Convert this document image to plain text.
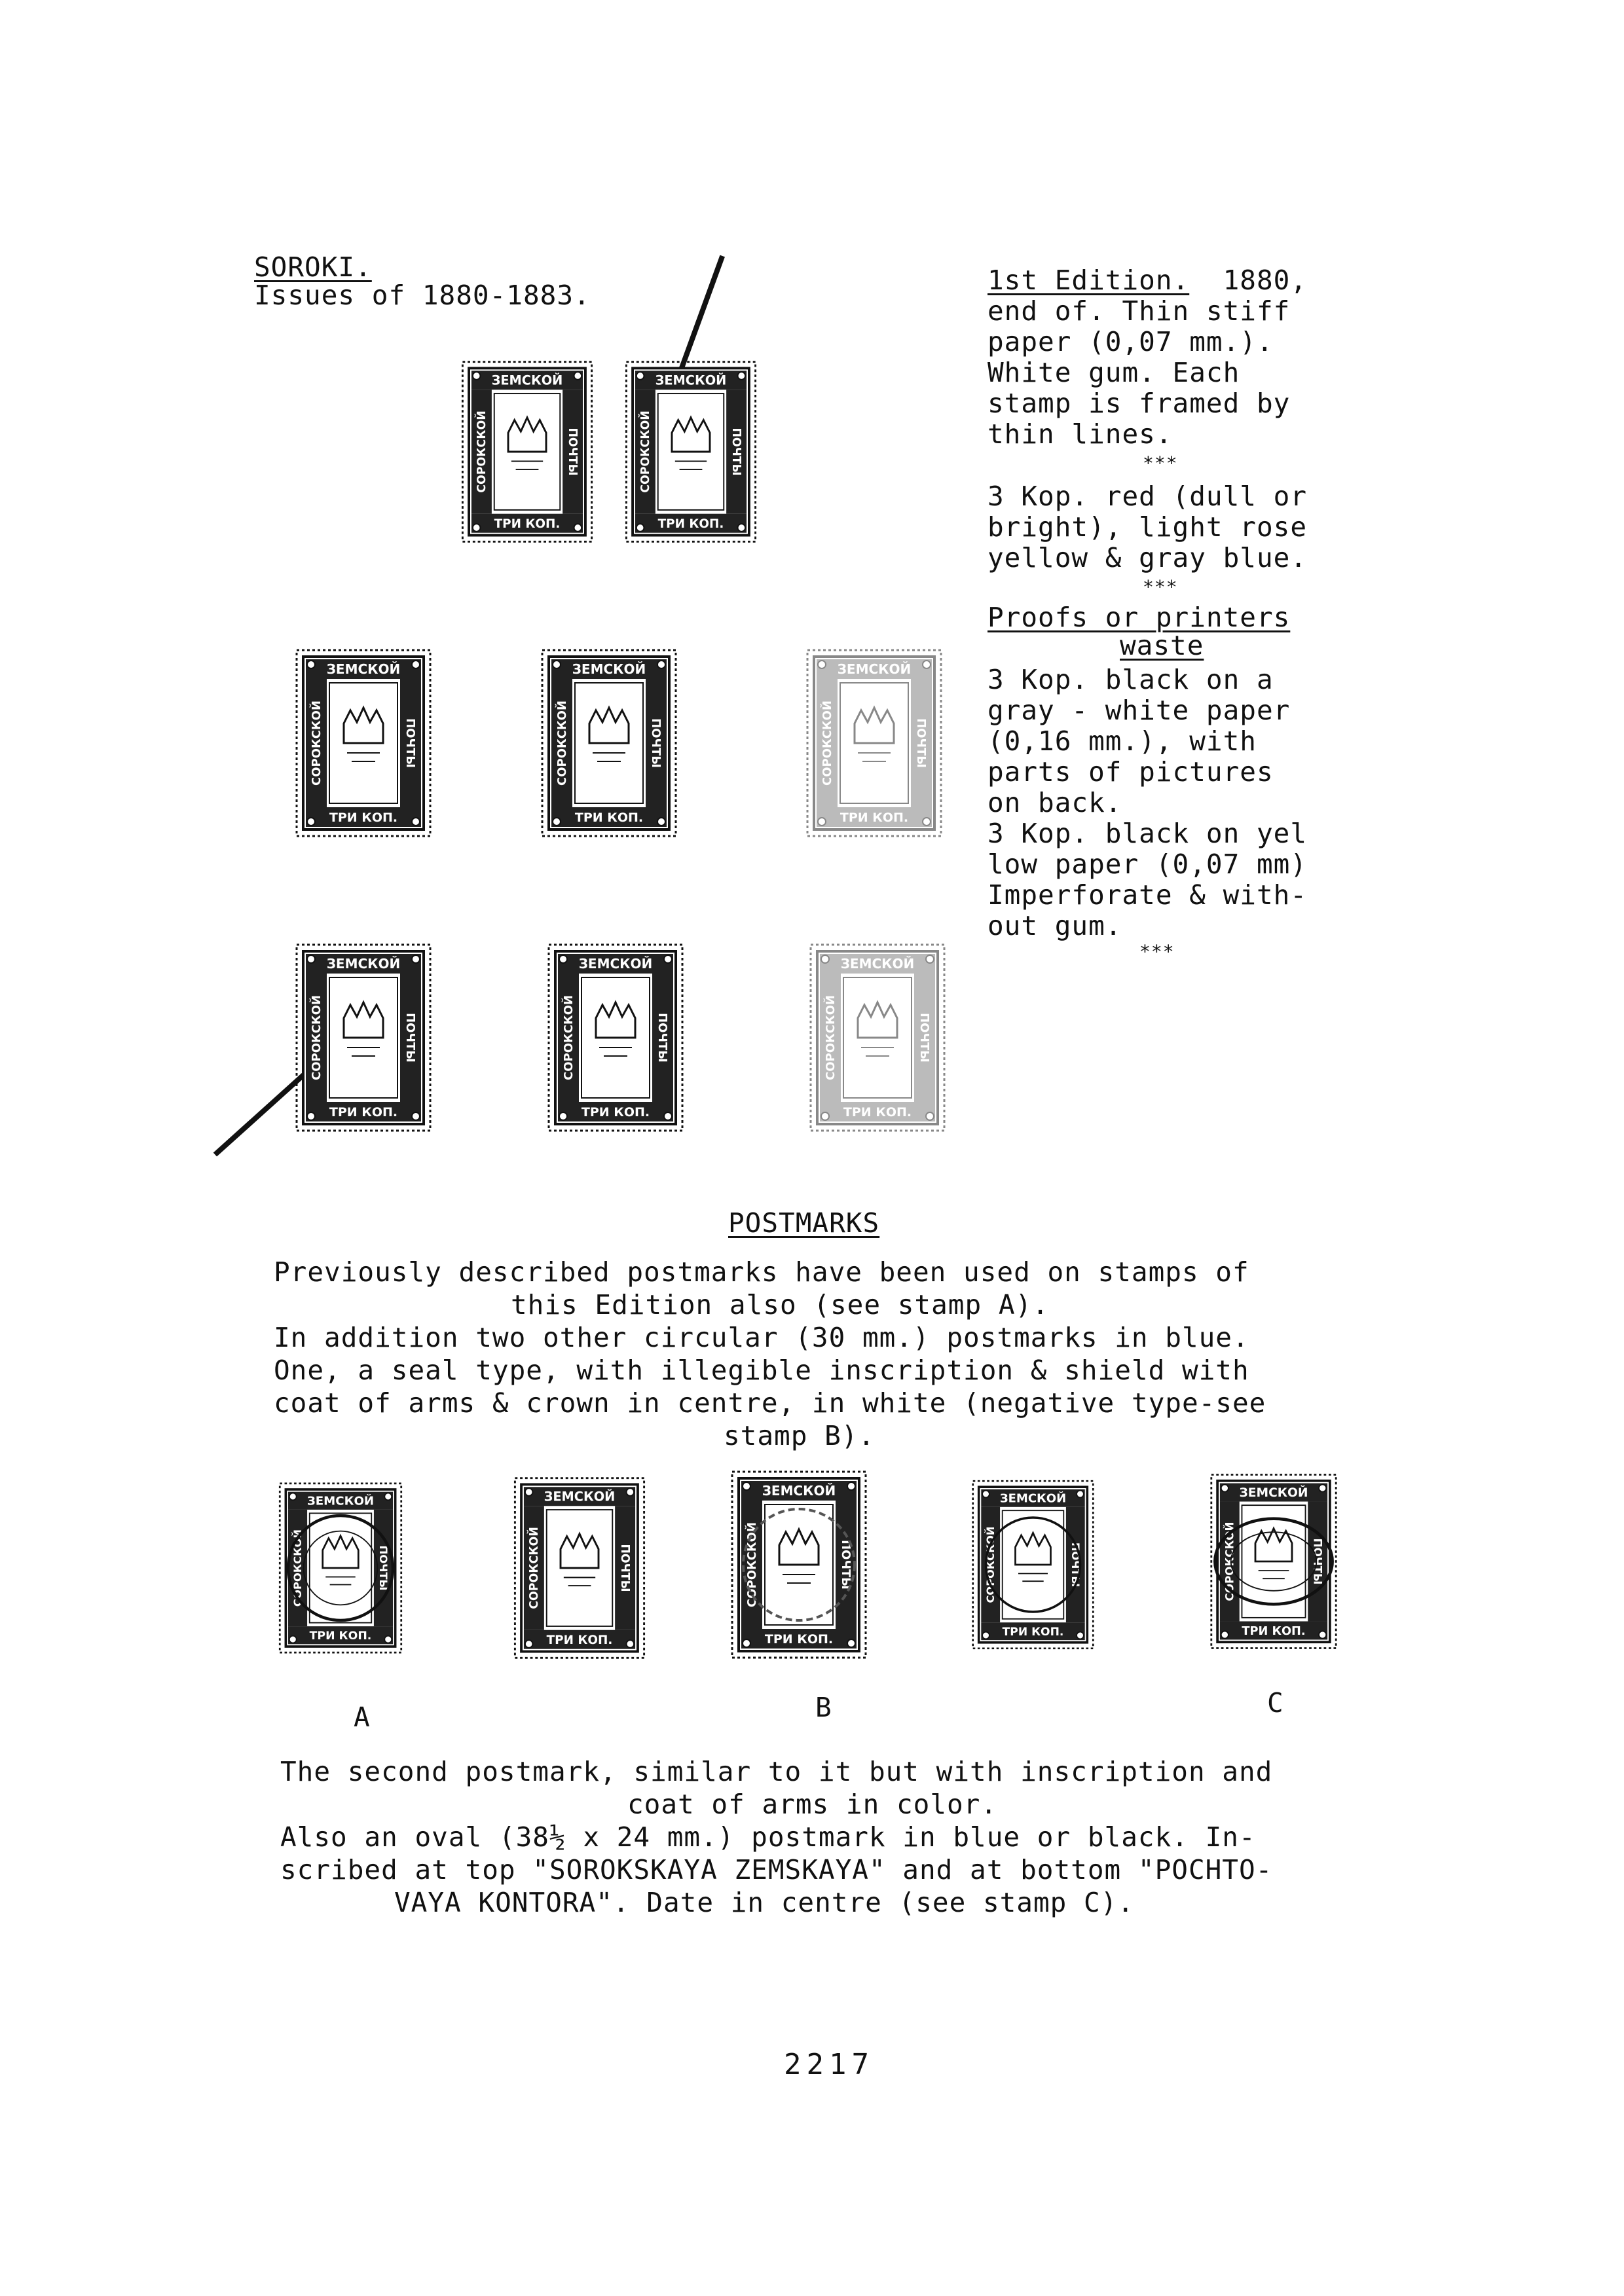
SOROKI.
Issues of 1880-1883.	1st Edition. 1880,
end of. Thin stiff
paper (0,07 mm.).
White gum. Each
stamp is framed by
thin lines.
***
3 Kop. red (dull or
bright), light rose
yellow & gray blue.
***
Proofs or printers
waste
3 Kop. black on a
gray - white paper
(0,16 mm.), with
parts of pictures
on back.
3 Kop. black on yel
low paper (0,07 mm)
Imperforate & with-
out gum.
***
ЗЕМСКОЙ
ТРИ КОП.
СОРОКСКОЙ	ПОЧТЫ
ЗЕМСКОЙ
ТРИ КОП.
СОРОКСКОЙ	ПОЧТЫ
ЗЕМСКОЙ
ТРИ КОП.
СОРОКСКОЙ	ПОЧТЫ
ЗЕМСКОЙ
ТРИ КОП.
СОРОКСКОЙ	ПОЧТЫ
ЗЕМСКОЙ
ТРИ КОП.
СОРОКСКОЙ	ПОЧТЫ
ЗЕМСКОЙ
ТРИ КОП.
СОРОКСКОЙ	ПОЧТЫ
ЗЕМСКОЙ
ТРИ КОП.
СОРОКСКОЙ	ПОЧТЫ
ЗЕМСКОЙ
ТРИ КОП.
СОРОКСКОЙ	ПОЧТЫ
POSTMARKS
Previously described postmarks have been used on stamps of
this Edition also (see stamp A).
In addition two other circular (30 mm.) postmarks in blue.
One, a seal type, with illegible inscription & shield with
coat of arms & crown in centre, in white (negative type-see
stamp B).
ЗЕМСКОЙ
ТРИ КОП.
СОРОКСКОЙ	ПОЧТЫ
ЗЕМСКОЙ
ТРИ КОП.
СОРОКСКОЙ	ПОЧТЫ
ЗЕМСКОЙ
ТРИ КОП.
СОРОКСКОЙ	ПОЧТЫ
ЗЕМСКОЙ
ТРИ КОП.
СОРОКСКОЙ	ПОЧТЫ
ЗЕМСКОЙ
ТРИ КОП.
СОРОКСКОЙ	ПОЧТЫ
A	B	C
The second postmark, similar to it but with inscription and
coat of arms in color.
Also an oval (38½ x 24 mm.) postmark in blue or black. In-
scribed at top "SOROKSKAYA ZEMSKAYA" and at bottom "POCHTO-
VAYA KONTORA". Date in centre (see stamp C).
2217
